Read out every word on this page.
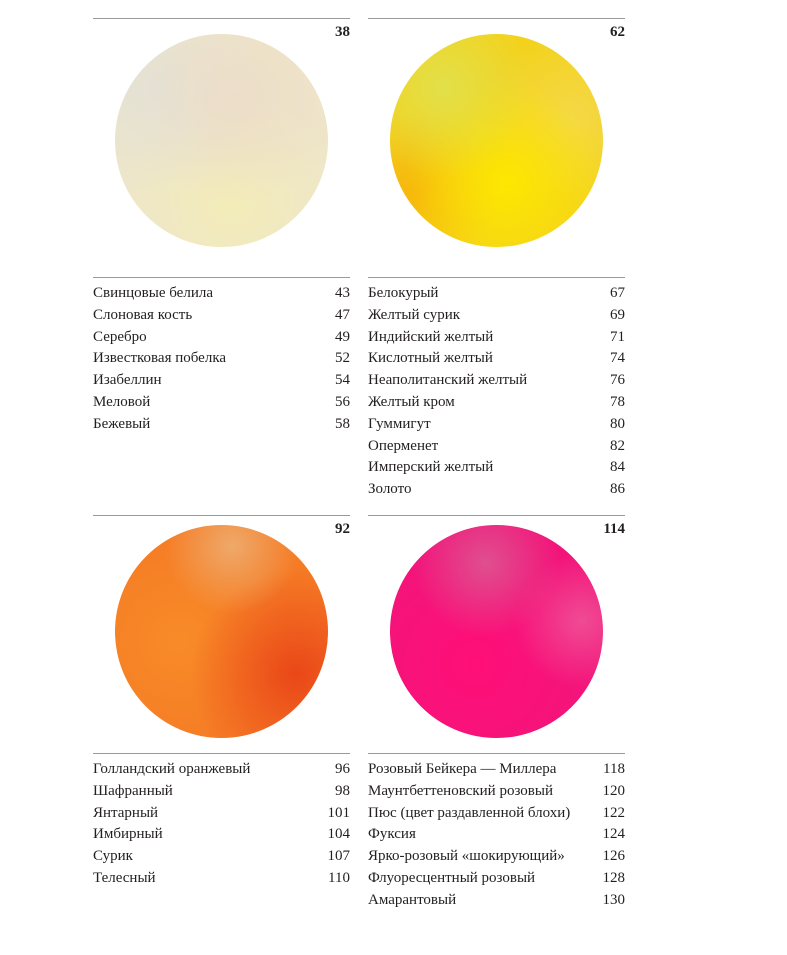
38
Свинцовые белила	43
Слоновая кость	47
Серебро	49
Известковая побелка	52
Изабеллин	54
Меловой	56
Бежевый	58
62
Белокурый	67
Желтый сурик	69
Индийский желтый	71
Кислотный желтый	74
Неаполитанский желтый	76
Желтый кром	78
Гуммигут	80
Оперменет	82
Имперский желтый	84
Золото	86
92
Голландский оранжевый	96
Шафранный	98
Янтарный	101
Имбирный	104
Сурик	107
Телесный	110
114
Розовый Бейкера — Миллера	118
Маунтбеттеновский розовый	120
Пюс (цвет раздавленной блохи) 122
Фуксия	124
Ярко-розовый «шокирующий»	126
Флуоресцентный розовый	128
Амарантовый	130
